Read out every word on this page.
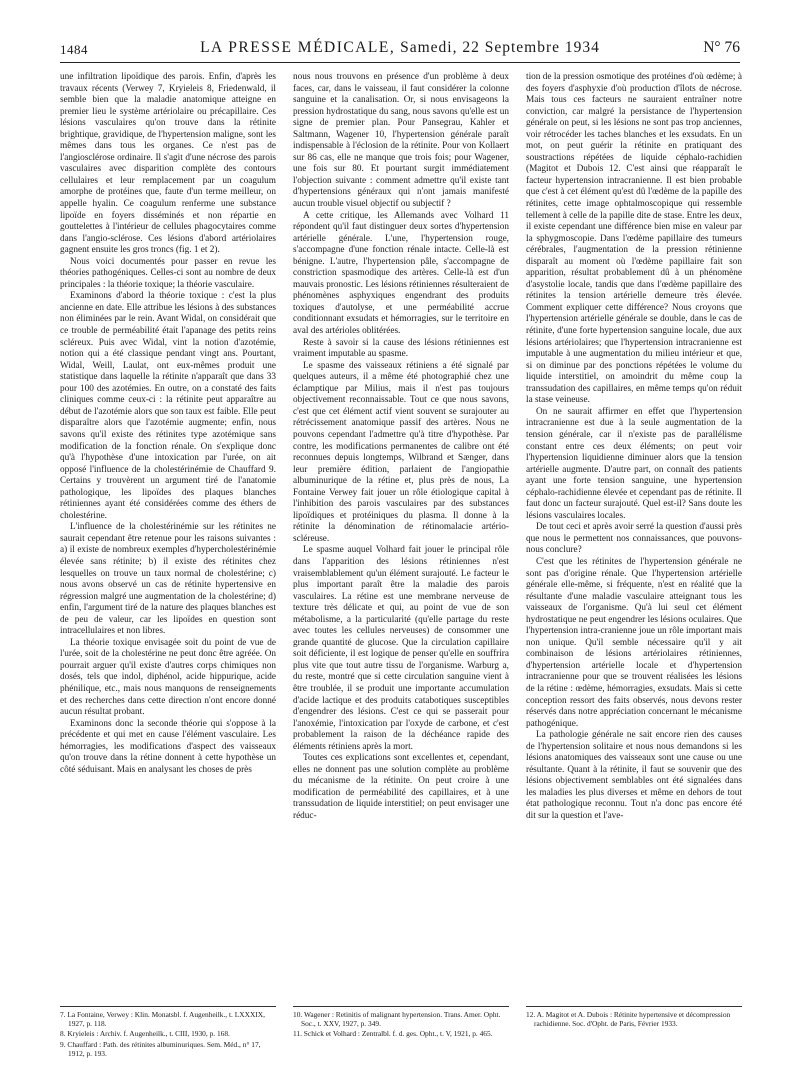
1484	LA PRESSE MÉDICALE, Samedi, 22 Septembre 1934	N° 76

une infiltration lipoïdique des parois. Enfin, d'après les travaux récents (Verwey 7, Kryieleis 8, Friedenwald, il semble bien que la maladie anatomique atteigne en premier lieu le système artériolaire ou précapillaire. Ces lésions vasculaires qu'on trouve dans la rétinite brightique, gravidique, de l'hypertension maligne, sont les mêmes dans tous les organes. Ce n'est pas de l'angiosclérose ordinaire. Il s'agit d'une nécrose des parois vasculaires avec disparition complète des contours cellulaires et leur remplacement par un coagulum amorphe de protéines que, faute d'un terme meilleur, on appelle hyalin. Ce coagulum renferme une substance lipoïde en foyers disséminés et non répartie en gouttelettes à l'intérieur de cellules phagocytaires comme dans l'angio-sclérose. Ces lésions d'abord artériolaires gagnent ensuite les gros troncs (fig. 1 et 2).

Nous voici documentés pour passer en revue les théories pathogéniques. Celles-ci sont au nombre de deux principales : la théorie toxique; la théorie vasculaire.

Examinons d'abord la théorie toxique : c'est la plus ancienne en date. Elle attribue les lésions à des substances non éliminées par le rein. Avant Widal, on considérait que ce trouble de perméabilité était l'apanage des petits reins scléreux. Puis avec Widal, vint la notion d'azotémie, notion qui a été classique pendant vingt ans. Pourtant, Widal, Weill, Laulat, ont eux-mêmes produit une statistique dans laquelle la rétinite n'apparaît que dans 33 pour 100 des azotémies. En outre, on a constaté des faits cliniques comme ceux-ci : la rétinite peut apparaître au début de l'azotémie alors que son taux est faible. Elle peut disparaître alors que l'azotémie augmente; enfin, nous savons qu'il existe des rétinites type azotémique sans modification de la fonction rénale. On s'explique donc qu'à l'hypothèse d'une intoxication par l'urée, on ait opposé l'influence de la cholestérinémie de Chauffard 9. Certains y trouvèrent un argument tiré de l'anatomie pathologique, les lipoïdes des plaques blanches rétiniennes ayant été considérées comme des éthers de cholestérine.

L'influence de la cholestérinémie sur les rétinites ne saurait cependant être retenue pour les raisons suivantes : a) il existe de nombreux exemples d'hypercholestérinémie élevée sans rétinite; b) il existe des rétinites chez lesquelles on trouve un taux normal de cholestérine; c) nous avons observé un cas de rétinite hypertensive en régression malgré une augmentation de la cholestérine; d) enfin, l'argument tiré de la nature des plaques blanches est de peu de valeur, car les lipoïdes en question sont intracellulaires et non libres.

La théorie toxique envisagée soit du point de vue de l'urée, soit de la cholestérine ne peut donc être agréée. On pourrait arguer qu'il existe d'autres corps chimiques non dosés, tels que indol, diphénol, acide hippurique, acide phénilique, etc., mais nous manquons de renseignements et des recherches dans cette direction n'ont encore donné aucun résultat probant.

Examinons donc la seconde théorie qui s'oppose à la précédente et qui met en cause l'élément vasculaire. Les hémorragies, les modifications d'aspect des vaisseaux qu'on trouve dans la rétine donnent à cette hypothèse un côté séduisant. Mais en analysant les choses de près

nous nous trouvons en présence d'un problème à deux faces, car, dans le vaisseau, il faut considérer la colonne sanguine et la canalisation. Or, si nous envisageons la pression hydrostatique du sang, nous savons qu'elle est un signe de premier plan. Pour Pansegrau, Kahler et Saltmann, Wagener 10, l'hypertension générale paraît indispensable à l'éclosion de la rétinite. Pour von Kollaert sur 86 cas, elle ne manque que trois fois; pour Wagener, une fois sur 80. Et pourtant surgit immédiatement l'objection suivante : comment admettre qu'il existe tant d'hypertensions généraux qui n'ont jamais manifesté aucun trouble visuel objectif ou subjectif ?

A cette critique, les Allemands avec Volhard 11 répondent qu'il faut distinguer deux sortes d'hypertension artérielle générale. L'une, l'hypertension rouge, s'accompagne d'une fonction rénale intacte. Celle-là est bénigne. L'autre, l'hypertension pâle, s'accompagne de constriction spasmodique des artères. Celle-là est d'un mauvais pronostic. Les lésions rétiniennes résulteraient de phénomènes asphyxiques engendrant des produits toxiques d'autolyse, et une perméabilité accrue conditionnant exsudats et hémorragies, sur le territoire en aval des artérioles oblitérées.

Reste à savoir si la cause des lésions rétiniennes est vraiment imputable au spasme.

Le spasme des vaisseaux rétiniens a été signalé par quelques auteurs, il a même été photographié chez une éclamptique par Milius, mais il n'est pas toujours objectivement reconnaissable. Tout ce que nous savons, c'est que cet élément actif vient souvent se surajouter au rétrécissement anatomique passif des artères. Nous ne pouvons cependant l'admettre qu'à titre d'hypothèse. Par contre, les modifications permanentes de calibre ont été reconnues depuis longtemps, Wilbrand et Sænger, dans leur première édition, parlaient de l'angiopathie albuminurique de la rétine et, plus près de nous, La Fontaine Verwey fait jouer un rôle étiologique capital à l'inhibition des parois vasculaires par des substances lipoïdiques et protéiniques du plasma. Il donne à la rétinite la dénomination de rétinomalacie artério-scléreuse.

Le spasme auquel Volhard fait jouer le principal rôle dans l'apparition des lésions rétiniennes n'est vraisemblablement qu'un élément surajouté. Le facteur le plus important paraît être la maladie des parois vasculaires. La rétine est une membrane nerveuse de texture très délicate et qui, au point de vue de son métabolisme, a la particularité (qu'elle partage du reste avec toutes les cellules nerveuses) de consommer une grande quantité de glucose. Que la circulation capillaire soit déficiente, il est logique de penser qu'elle en souffrira plus vite que tout autre tissu de l'organisme. Warburg a, du reste, montré que si cette circulation sanguine vient à être troublée, il se produit une importante accumulation d'acide lactique et des produits catabotiques susceptibles d'engendrer des lésions. C'est ce qui se passerait pour l'anoxémie, l'intoxication par l'oxyde de carbone, et c'est probablement la raison de la déchéance rapide des éléments rétiniens après la mort.

Toutes ces explications sont excellentes et, cependant, elles ne donnent pas une solution complète au problème du mécanisme de la rétinite. On peut croire à une modification de perméabilité des capillaires, et à une transsudation de liquide interstitiel; on peut envisager une réduc-

tion de la pression osmotique des protéines d'où œdème; à des foyers d'asphyxie d'où production d'îlots de nécrose. Mais tous ces facteurs ne sauraient entraîner notre conviction, car malgré la persistance de l'hypertension générale on peut, si les lésions ne sont pas trop anciennes, voir rétrocéder les taches blanches et les exsudats. En un mot, on peut guérir la rétinite en pratiquant des soustractions répétées de liquide céphalo-rachidien (Magitot et Dubois 12. C'est ainsi que réapparaît le facteur hypertension intracranienne. Il est bien probable que c'est à cet élément qu'est dû l'œdème de la papille des rétinites, cette image ophtalmoscopique qui ressemble tellement à celle de la papille dite de stase. Entre les deux, il existe cependant une différence bien mise en valeur par la sphygmoscopie. Dans l'œdème papillaire des tumeurs cérébrales, l'augmentation de la pression rétinienne disparaît au moment où l'œdème papillaire fait son apparition, résultat probablement dû à un phénomène d'asystolie locale, tandis que dans l'œdème papillaire des rétinites la tension artérielle demeure très élevée. Comment expliquer cette différence? Nous croyons que l'hypertension artérielle générale se double, dans le cas de rétinite, d'une forte hypertension sanguine locale, due aux lésions artériolaires; que l'hypertension intracranienne est imputable à une augmentation du milieu intérieur et que, si on diminue par des ponctions répétées le volume du liquide interstitiel, on amoindrit du même coup la transsudation des capillaires, en même temps qu'on réduit la stase veineuse.

On ne saurait affirmer en effet que l'hypertension intracranienne est due à la seule augmentation de la tension générale, car il n'existe pas de parallélisme constant entre ces deux éléments; on peut voir l'hypertension liquidienne diminuer alors que la tension artérielle augmente. D'autre part, on connaît des patients ayant une forte tension sanguine, une hypertension céphalo-rachidienne élevée et cependant pas de rétinite. Il faut donc un facteur surajouté. Quel est-il? Sans doute les lésions vasculaires locales.

De tout ceci et après avoir serré la question d'aussi près que nous le permettent nos connaissances, que pouvons-nous conclure?

C'est que les rétinites de l'hypertension générale ne sont pas d'origine rénale. Que l'hypertension artérielle générale elle-même, si fréquente, n'est en réalité que la résultante d'une maladie vasculaire atteignant tous les vaisseaux de l'organisme. Qu'à lui seul cet élément hydrostatique ne peut engendrer les lésions oculaires. Que l'hypertension intra-cranienne joue un rôle important mais non unique. Qu'il semble nécessaire qu'il y ait combinaison de lésions artériolaires rétiniennes, d'hypertension artérielle locale et d'hypertension intracranienne pour que se trouvent réalisées les lésions de la rétine : œdème, hémorragies, exsudats. Mais si cette conception ressort des faits observés, nous devons rester réservés dans notre appréciation concernant le mécanisme pathogénique.

La pathologie générale ne sait encore rien des causes de l'hypertension solitaire et nous nous demandons si les lésions anatomiques des vaisseaux sont une cause ou une résultante. Quant à la rétinite, il faut se souvenir que des lésions objectivement semblables ont été signalées dans les maladies les plus diverses et même en dehors de tout état pathologique reconnu. Tout n'a donc pas encore été dit sur la question et l'ave-

7. La Fontaine, Verwey : Klin. Monatsbl. f. Augenheilk., t. LXXXIX, 1927, p. 118.
8. Kryieleis : Archiv. f. Augenheilk., t. CIII, 1930, p. 168.
9. Chauffard : Path. des rétinites albuminuriques. Sem. Méd., n° 17, 1912, p. 193.
10. Wagener : Retinitis of malignant hypertension. Trans. Amer. Opht. Soc., t. XXV, 1927, p. 349.
11. Schick et Volhard : Zentralbl. f. d. ges. Opht., t. V, 1921, p. 465.
12. A. Magitot et A. Dubois : Rétinite hypertensive et décompression rachidienne. Soc. d'Opht. de Paris, Février 1933.
